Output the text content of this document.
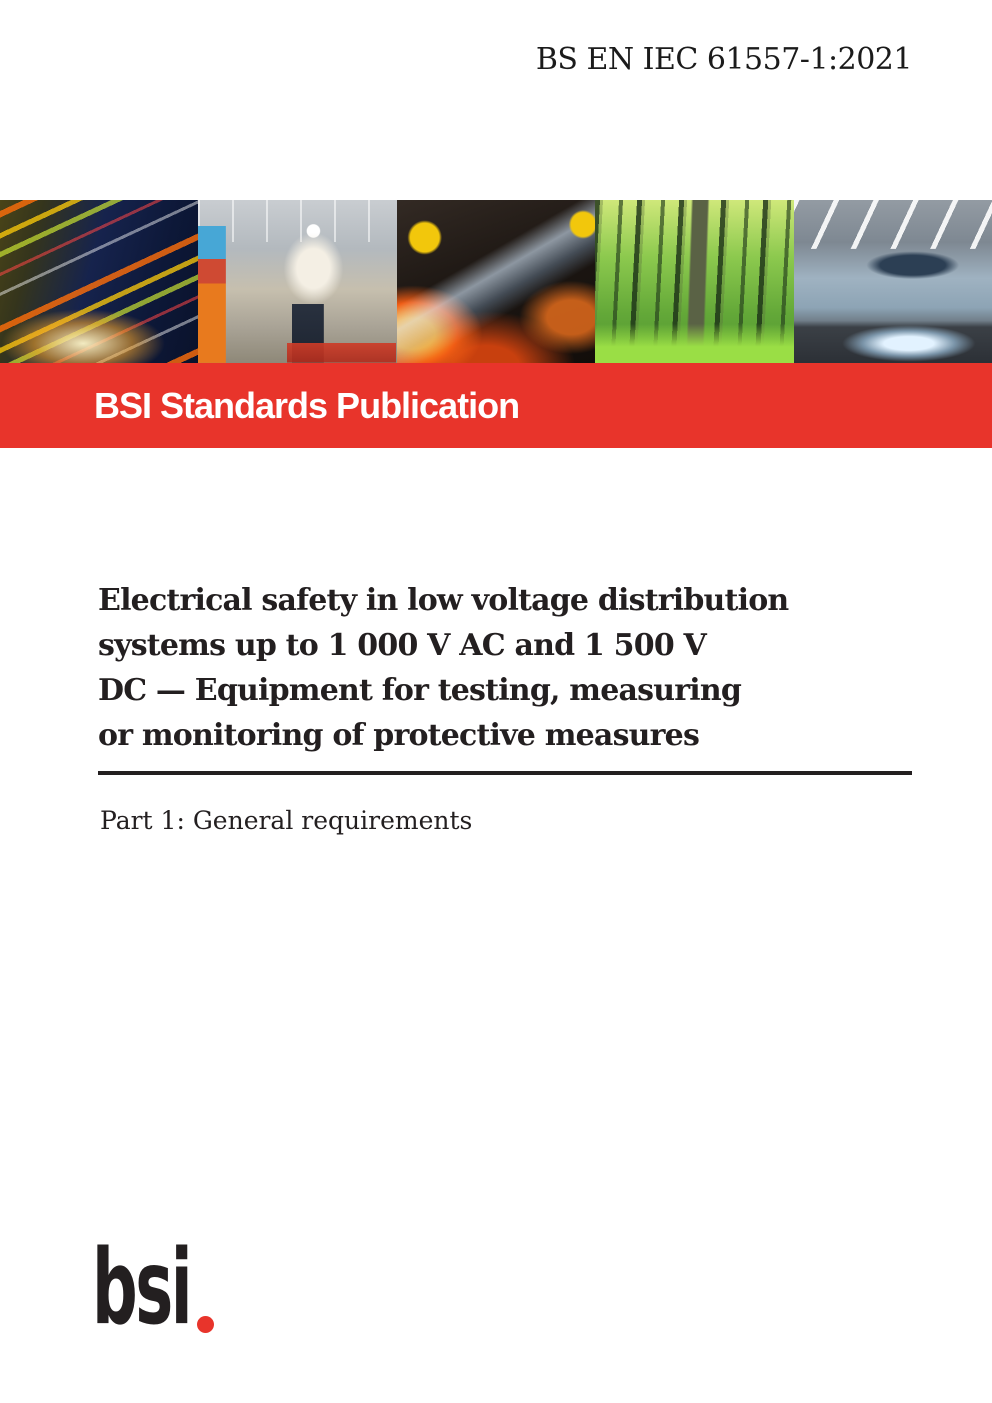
BS EN IEC 61557-1:2021
BSI Standards Publication
Electrical safety in low voltage distribution
systems up to 1 000 V AC and 1 500 V
DC — Equipment for testing, measuring
or monitoring of protective measures
Part 1: General requirements
bsi
